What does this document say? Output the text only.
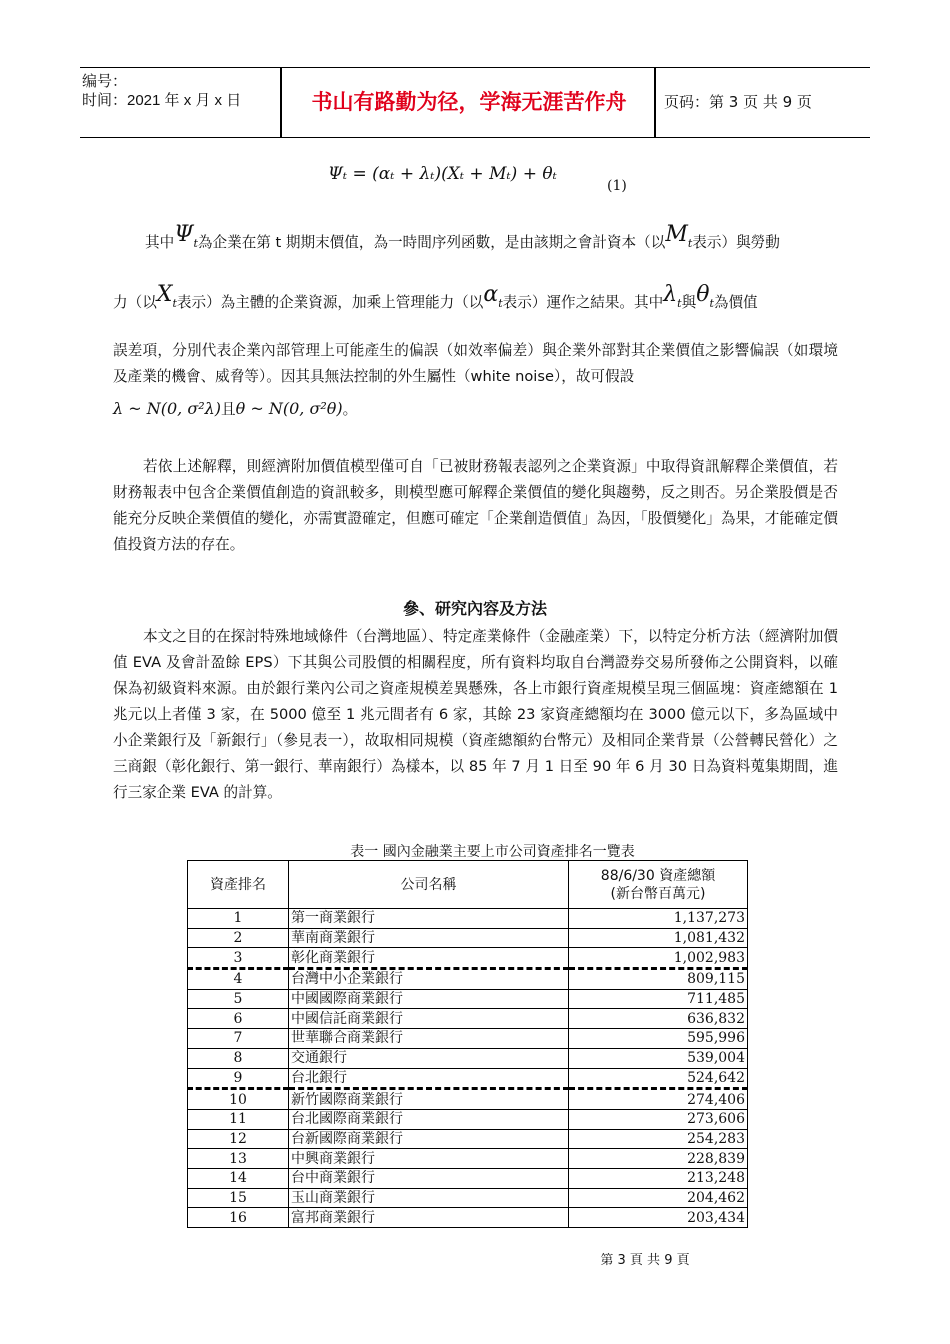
编号：
时间：2021 年 x 月 x 日	书山有路勤为径，学海无涯苦作舟	页码：第 3 页 共 9 页
Ψₜ = (αₜ + λₜ)(Xₜ + Mₜ) + θₜ
(1)
其中Ψt為企業在第 t 期期末價值，為一時間序列函數，是由該期之會計資本（以Mt表示）與勞動
力（以Xt表示）為主體的企業資源，加乘上管理能力（以αt表示）運作之結果。其中λt與θt為價值
誤差項，分別代表企業內部管理上可能產生的偏誤（如效率偏差）與企業外部對其企業價值之影響偏誤（如環境及產業的機會、威脅等）。因其具無法控制的外生屬性（white noise），故可假設
λ ~ N(0, σ²λ)且θ ~ N(0, σ²θ)。
若依上述解釋，則經濟附加價值模型僅可自「已被財務報表認列之企業資源」中取得資訊解釋企業價值，若財務報表中包含企業價值創造的資訊較多，則模型應可解釋企業價值的變化與趨勢，反之則否。另企業股價是否能充分反映企業價值的變化，亦需實證確定，但應可確定「企業創造價值」為因，「股價變化」為果，才能確定價值投資方法的存在。
參、研究內容及方法
本文之目的在探討特殊地域條件（台灣地區）、特定產業條件（金融產業）下，以特定分析方法（經濟附加價值 EVA 及會計盈餘 EPS）下其與公司股價的相關程度，所有資料均取自台灣證券交易所發佈之公開資料，以確保為初級資料來源。由於銀行業內公司之資產規模差異懸殊，各上市銀行資產規模呈現三個區塊：資產總額在 1 兆元以上者僅 3 家，在 5000 億至 1 兆元間者有 6 家，其餘 23 家資產總額均在 3000 億元以下，多為區域中小企業銀行及「新銀行」（參見表一），故取相同規模（資產總額約台幣元）及相同企業背景（公營轉民營化）之三商銀（彰化銀行、第一銀行、華南銀行）為樣本，以 85 年 7 月 1 日至 90 年 6 月 30 日為資料蒐集期間，進行三家企業 EVA 的計算。
表一 國內金融業主要上市公司資產排名一覽表
資產排名	公司名稱	88/6/30 資產總額
(新台幣百萬元)

1	第一商業銀行	1,137,273
2	華南商業銀行	1,081,432
3	彰化商業銀行	1,002,983
4	台灣中小企業銀行	809,115
5	中國國際商業銀行	711,485
6	中國信託商業銀行	636,832
7	世華聯合商業銀行	595,996
8	交通銀行	539,004
9	台北銀行	524,642
10	新竹國際商業銀行	274,406
11	台北國際商業銀行	273,606
12	台新國際商業銀行	254,283
13	中興商業銀行	228,839
14	台中商業銀行	213,248
15	玉山商業銀行	204,462
16	富邦商業銀行	203,434
第 3 頁 共 9 頁
